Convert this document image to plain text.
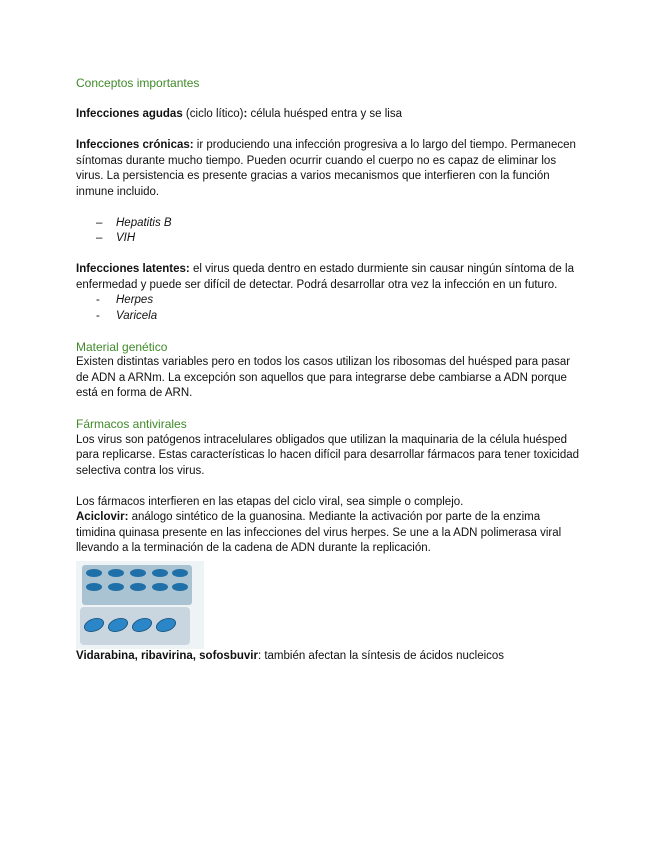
Conceptos importantes

Infecciones agudas (ciclo lítico): célula huésped entra y se lisa

Infecciones crónicas: ir produciendo una infección progresiva a lo largo del tiempo. Permanecen síntomas durante mucho tiempo. Pueden ocurrir cuando el cuerpo no es capaz de eliminar los virus. La persistencia es presente gracias a varios mecanismos que interfieren con la función inmune incluido.

– Hepatitis B
– VIH

Infecciones latentes: el virus queda dentro en estado durmiente sin causar ningún síntoma de la enfermedad y puede ser difícil de detectar. Podrá desarrollar otra vez la infección en un futuro.

- Herpes
- Varicela

Material genético

Existen distintas variables pero en todos los casos utilizan los ribosomas del huésped para pasar de ADN a ARNm. La excepción son aquellos que para integrarse debe cambiarse a ADN porque está en forma de ARN.

Fármacos antivirales

Los virus son patógenos intracelulares obligados que utilizan la maquinaria de la célula huésped para replicarse. Estas características lo hacen difícil para desarrollar fármacos para tener toxicidad selectiva contra los virus.

Los fármacos interfieren en las etapas del ciclo viral, sea simple o complejo.

Aciclovir: análogo sintético de la guanosina. Mediante la activación por parte de la enzima timidina quinasa presente en las infecciones del virus herpes. Se une a la ADN polimerasa viral llevando a la terminación de la cadena de ADN durante la replicación.

Vidarabina, ribavirina, sofosbuvir: también afectan la síntesis de ácidos nucleicos
